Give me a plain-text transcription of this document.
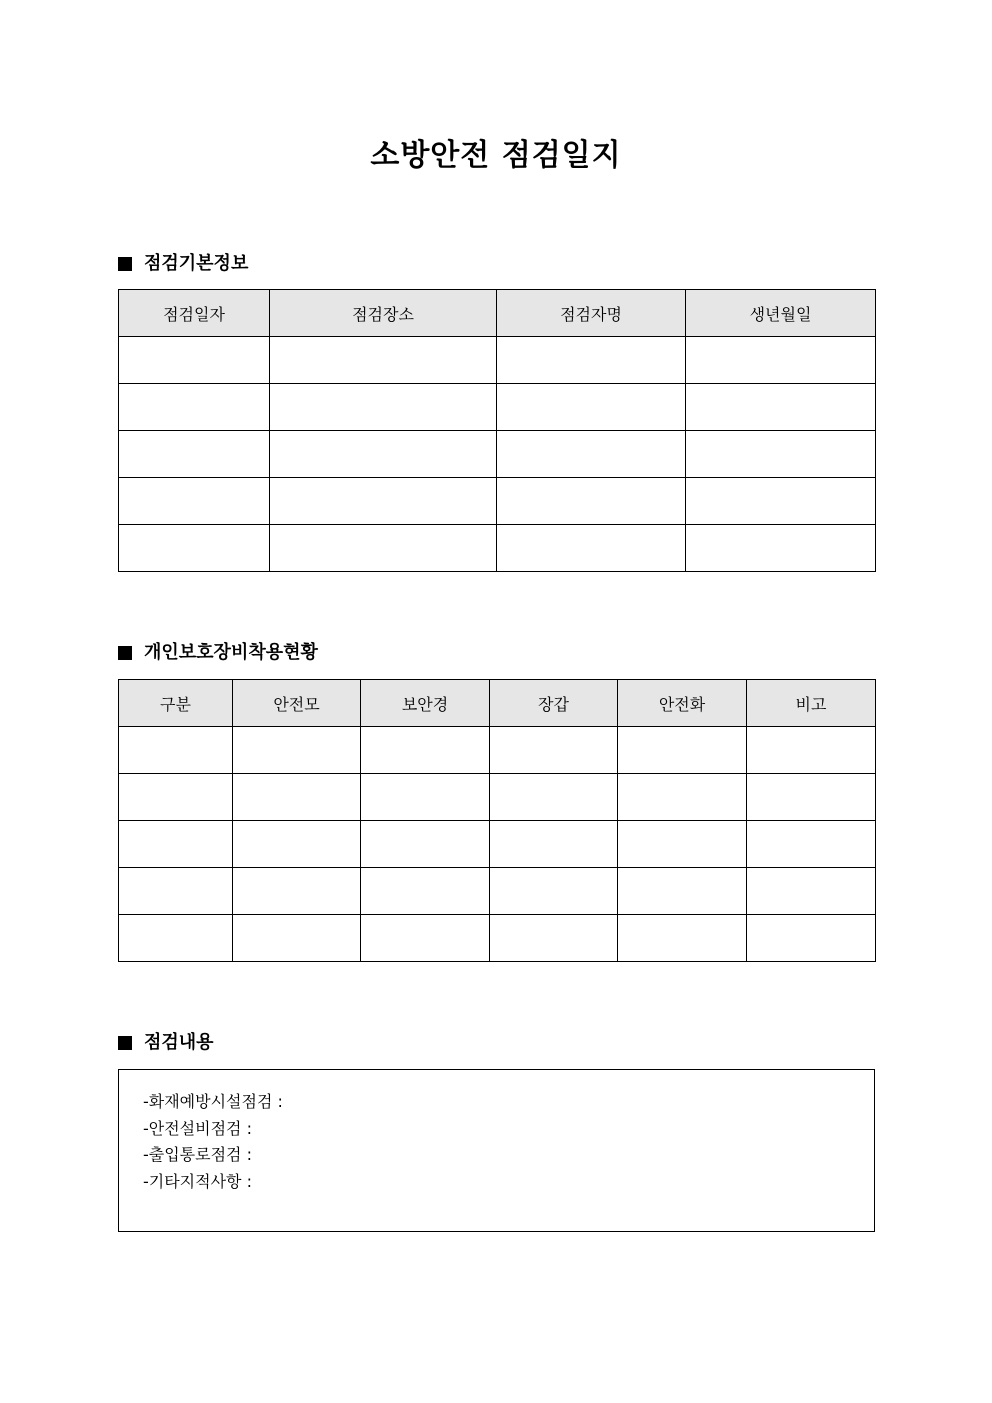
소방안전 점검일지
점검기본정보
점검일자	점검장소	점검자명	생년월일

개인보호장비착용현황
구분	안전모	보안경	장갑	안전화	비고

점검내용
-화재예방시설점검 :
-안전설비점검 :
-출입통로점검 :
-기타지적사항 :
